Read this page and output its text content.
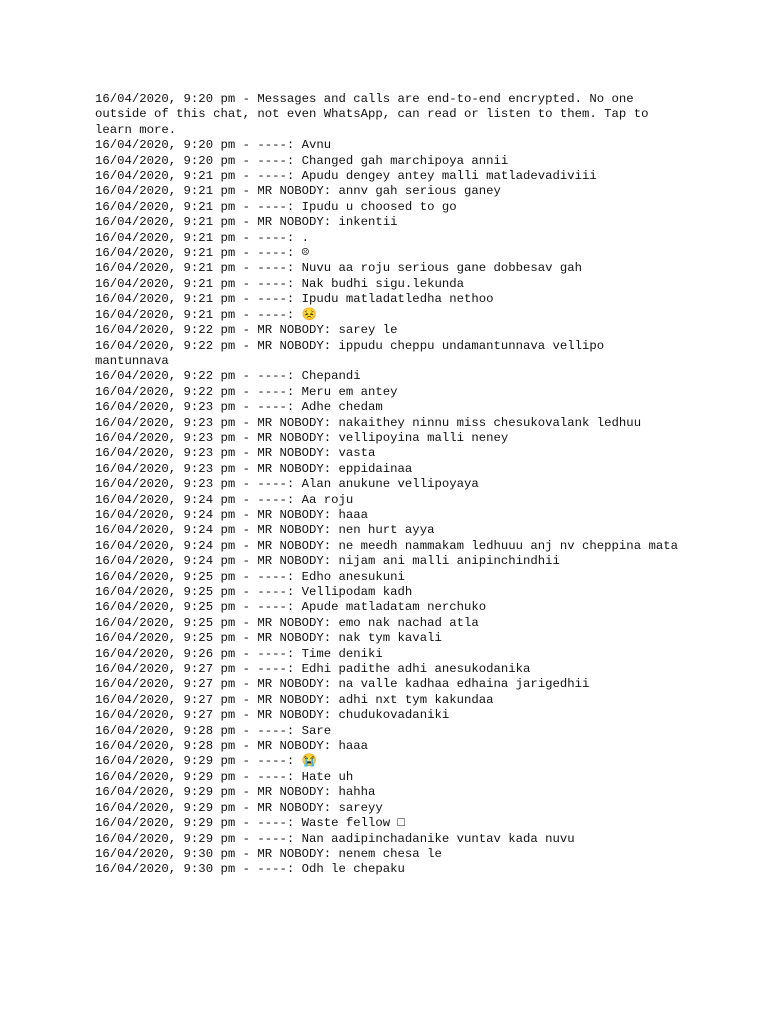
16/04/2020, 9:20 pm - Messages and calls are end-to-end encrypted. No one outside of this chat, not even WhatsApp, can read or listen to them. Tap to learn more.
16/04/2020, 9:20 pm - ----: Avnu
16/04/2020, 9:20 pm - ----: Changed gah marchipoya annii
16/04/2020, 9:21 pm - ----: Apudu dengey antey malli matladevadiviii
16/04/2020, 9:21 pm - MR NOBODY: annv gah serious ganey
16/04/2020, 9:21 pm - ----: Ipudu u choosed to go
16/04/2020, 9:21 pm - MR NOBODY: inkentii
16/04/2020, 9:21 pm - ----: .
16/04/2020, 9:21 pm - ----: ☹
16/04/2020, 9:21 pm - ----: Nuvu aa roju serious gane dobbesav gah
16/04/2020, 9:21 pm - ----: Nak budhi sigu.lekunda
16/04/2020, 9:21 pm - ----: Ipudu matladatledha nethoo
16/04/2020, 9:21 pm - ----: 😣
16/04/2020, 9:22 pm - MR NOBODY: sarey le
16/04/2020, 9:22 pm - MR NOBODY: ippudu cheppu undamantunnava vellipo mantunnava
16/04/2020, 9:22 pm - ----: Chepandi
16/04/2020, 9:22 pm - ----: Meru em antey
16/04/2020, 9:23 pm - ----: Adhe chedam
16/04/2020, 9:23 pm - MR NOBODY: nakaithey ninnu miss chesukovalank ledhuu
16/04/2020, 9:23 pm - MR NOBODY: vellipoyina malli neney
16/04/2020, 9:23 pm - MR NOBODY: vasta
16/04/2020, 9:23 pm - MR NOBODY: eppidainaa
16/04/2020, 9:23 pm - ----: Alan anukune vellipoyaya
16/04/2020, 9:24 pm - ----: Aa roju
16/04/2020, 9:24 pm - MR NOBODY: haaa
16/04/2020, 9:24 pm - MR NOBODY: nen hurt ayya
16/04/2020, 9:24 pm - MR NOBODY: ne meedh nammakam ledhuuu anj nv cheppina mata
16/04/2020, 9:24 pm - MR NOBODY: nijam ani malli anipinchindhii
16/04/2020, 9:25 pm - ----: Edho anesukuni
16/04/2020, 9:25 pm - ----: Vellipodam kadh
16/04/2020, 9:25 pm - ----: Apude matladatam nerchuko
16/04/2020, 9:25 pm - MR NOBODY: emo nak nachad atla
16/04/2020, 9:25 pm - MR NOBODY: nak tym kavali
16/04/2020, 9:26 pm - ----: Time deniki
16/04/2020, 9:27 pm - ----: Edhi padithe adhi anesukodanika
16/04/2020, 9:27 pm - MR NOBODY: na valle kadhaa edhaina jarigedhii
16/04/2020, 9:27 pm - MR NOBODY: adhi nxt tym kakundaa
16/04/2020, 9:27 pm - MR NOBODY: chudukovadaniki
16/04/2020, 9:28 pm - ----: Sare
16/04/2020, 9:28 pm - MR NOBODY: haaa
16/04/2020, 9:29 pm - ----: 😭
16/04/2020, 9:29 pm - ----: Hate uh
16/04/2020, 9:29 pm - MR NOBODY: hahha
16/04/2020, 9:29 pm - MR NOBODY: sareyy
16/04/2020, 9:29 pm - ----: Waste fellow □
16/04/2020, 9:29 pm - ----: Nan aadipinchadanike vuntav kada nuvu
16/04/2020, 9:30 pm - MR NOBODY: nenem chesa le
16/04/2020, 9:30 pm - ----: Odh le chepaku
